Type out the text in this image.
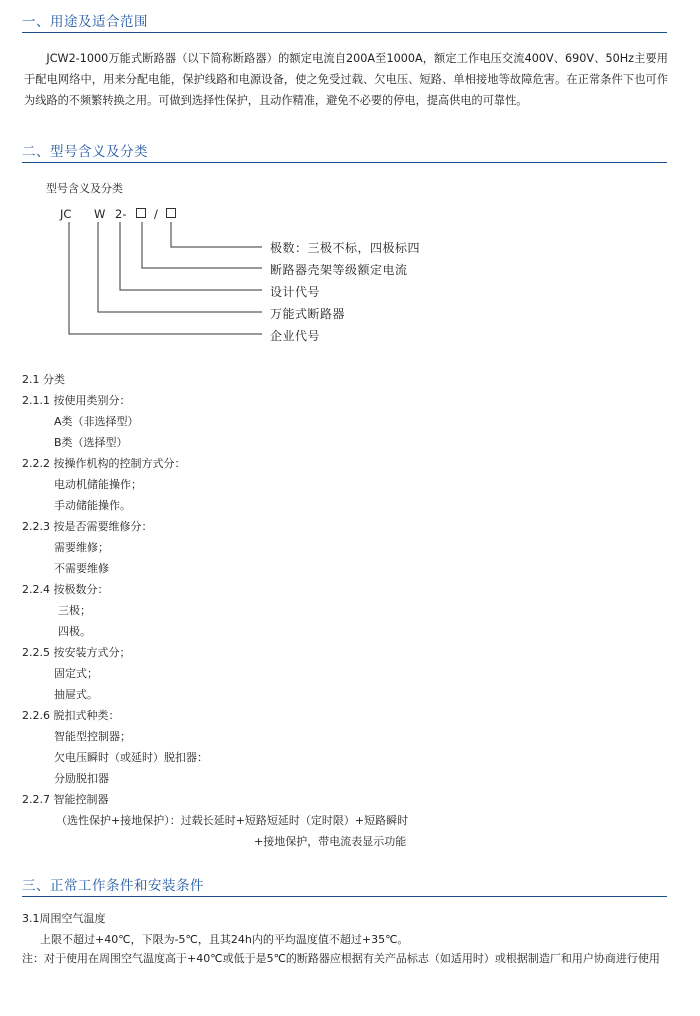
一、用途及适合范围
JCW2-1000万能式断路器（以下简称断路器）的额定电流自200A至1000A，额定工作电压交流400V、690V、50Hz主要用于配电网络中，用来分配电能，保护线路和电源设备，使之免受过载、欠电压、短路、单相接地等故障危害。在正常条件下也可作为线路的不频繁转换之用。可做到选择性保护，且动作精准，避免不必要的停电，提高供电的可靠性。
二、型号含义及分类
型号含义及分类
JC W 2- /
极数：三极不标，四极标四
断路器壳架等级额定电流
设计代号
万能式断路器
企业代号
2.1 分类
2.1.1 按使用类别分：
A类（非选择型）
B类（选择型）
2.2.2 按操作机构的控制方式分：
电动机储能操作；
手动储能操作。
2.2.3 按是否需要维修分：
需要维修；
不需要维修
2.2.4 按极数分：
三极；
四极。
2.2.5 按安装方式分；
固定式；
抽屉式。
2.2.6 脱扣式种类：
智能型控制器；
欠电压瞬时（或延时）脱扣器：
分励脱扣器
2.2.7 智能控制器
（选性保护+接地保护）：过载长延时+短路短延时（定时限）+短路瞬时
+接地保护，带电流表显示功能
三、正常工作条件和安装条件
3.1周围空气温度
上限不超过+40℃，下限为-5℃，且其24h内的平均温度值不超过+35℃。
注：对于使用在周围空气温度高于+40℃或低于是5℃的断路器应根据有关产品标志（如适用时）或根据制造厂和用户协商进行使用
